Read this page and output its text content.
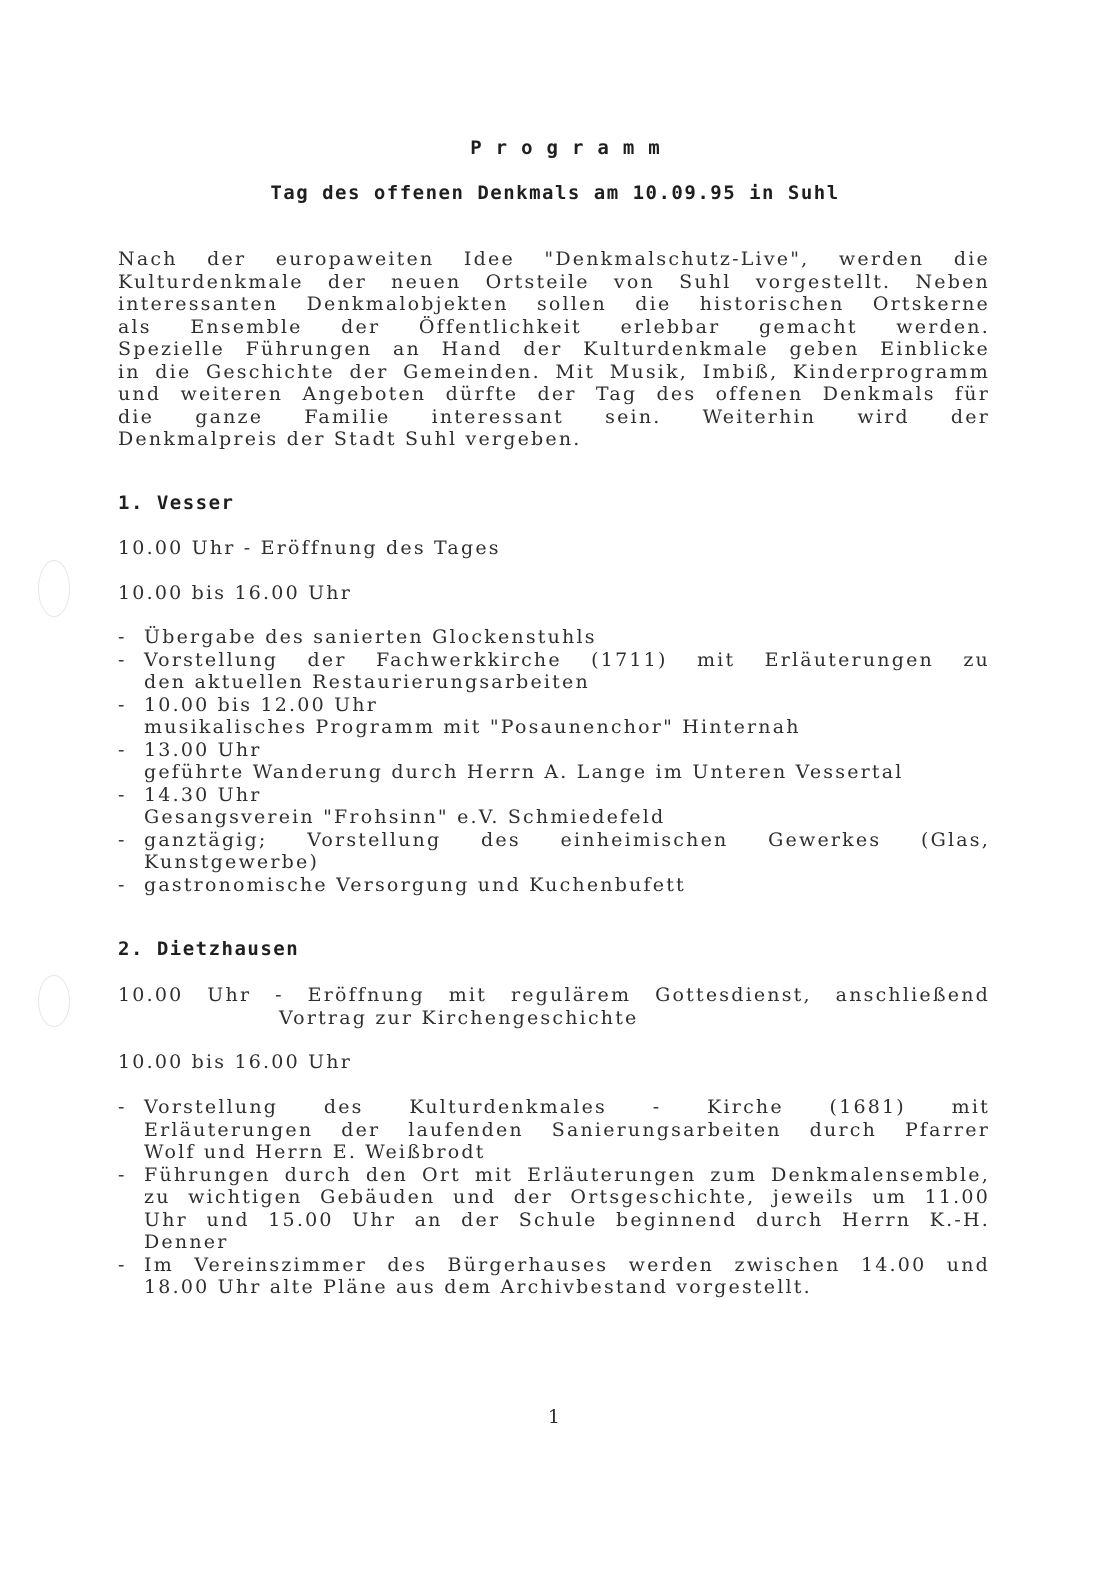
Programm
Tag des offenen Denkmals am 10.09.95 in Suhl
Nach der europaweiten Idee "Denkmalschutz-Live", werden die
Kulturdenkmale der neuen Ortsteile von Suhl vorgestellt. Neben
interessanten Denkmalobjekten sollen die historischen Ortskerne
als Ensemble der Öffentlichkeit erlebbar gemacht werden.
Spezielle Führungen an Hand der Kulturdenkmale geben Einblicke
in die Geschichte der Gemeinden. Mit Musik, Imbiß, Kinderprogramm
und weiteren Angeboten dürfte der Tag des offenen Denkmals für
die ganze Familie interessant sein. Weiterhin wird der
Denkmalpreis der Stadt Suhl vergeben.
1. Vesser
10.00 Uhr - Eröffnung des Tages
10.00 bis 16.00 Uhr
- Übergabe des sanierten Glockenstuhls
- Vorstellung der Fachwerkkirche (1711) mit Erläuterungen zu
den aktuellen Restaurierungsarbeiten
- 10.00 bis 12.00 Uhr
musikalisches Programm mit "Posaunenchor" Hinternah
- 13.00 Uhr
geführte Wanderung durch Herrn A. Lange im Unteren Vessertal
- 14.30 Uhr
Gesangsverein "Frohsinn" e.V. Schmiedefeld
- ganztägig; Vorstellung des einheimischen Gewerkes (Glas,
Kunstgewerbe)
- gastronomische Versorgung und Kuchenbufett
2. Dietzhausen
10.00 Uhr - Eröffnung mit regulärem Gottesdienst, anschließend
Vortrag zur Kirchengeschichte
10.00 bis 16.00 Uhr
- Vorstellung des Kulturdenkmales - Kirche (1681) mit
Erläuterungen der laufenden Sanierungsarbeiten durch Pfarrer
Wolf und Herrn E. Weißbrodt
- Führungen durch den Ort mit Erläuterungen zum Denkmalensemble,
zu wichtigen Gebäuden und der Ortsgeschichte, jeweils um 11.00
Uhr und 15.00 Uhr an der Schule beginnend durch Herrn K.-H.
Denner
- Im Vereinszimmer des Bürgerhauses werden zwischen 14.00 und
18.00 Uhr alte Pläne aus dem Archivbestand vorgestellt.
1
